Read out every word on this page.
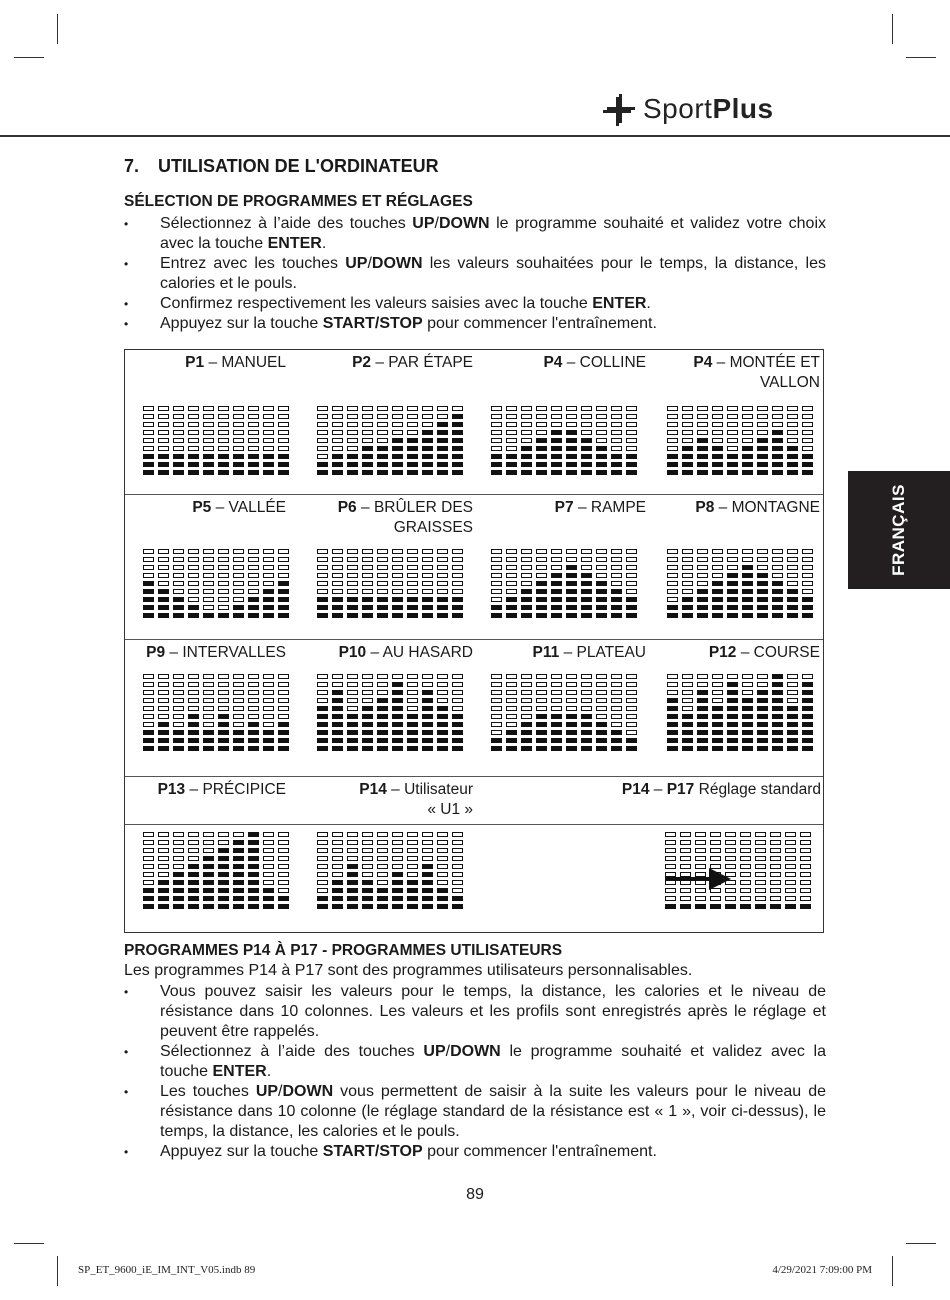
SportPlus
FRANÇAIS
7. UTILISATION DE L'ORDINATEUR
SÉLECTION DE PROGRAMMES ET RÉGLAGES
• Sélectionnez à l’aide des touches UP/DOWN le programme souhaité et validez votre choix avec la touche ENTER.
• Entrez avec les touches UP/DOWN les valeurs souhaitées pour le temps, la distance, les calories et le pouls.
• Confirmez respectivement les valeurs saisies avec la touche ENTER.
• Appuyez sur la touche START/STOP pour commencer l'entraînement.
P1 – MANUEL	P2 – PAR ÉTAPE	P4 – COLLINE	P4 – MONTÉE ET
VALLON
P5 – VALLÉE	P6 – BRÛLER DES
GRAISSES
P7 – RAMPE	P8 – MONTAGNE
P9 – INTERVALLES	P10 – AU HASARD	P11 – PLATEAU	P12 – COURSE
P13 – PRÉCIPICE	P14 – Utilisateur
« U1 »
P14 – P17 Réglage standard
PROGRAMMES P14 À P17 - PROGRAMMES UTILISATEURS
Les programmes P14 à P17 sont des programmes utilisateurs personnalisables.
• Vous pouvez saisir les valeurs pour le temps, la distance, les calories et le niveau de résistance dans 10 colonnes. Les valeurs et les profils sont enregistrés après le réglage et peuvent être rappelés.
• Sélectionnez à l’aide des touches UP/DOWN le programme souhaité et validez avec la touche ENTER.
• Les touches UP/DOWN vous permettent de saisir à la suite les valeurs pour le niveau de résistance dans 10 colonne (le réglage standard de la résistance est « 1 », voir ci-dessus), le temps, la distance, les calories et le pouls.
• Appuyez sur la touche START/STOP pour commencer l'entraînement.
89
SP_ET_9600_iE_IM_INT_V05.indb 89	4/29/2021 7:09:00 PM
